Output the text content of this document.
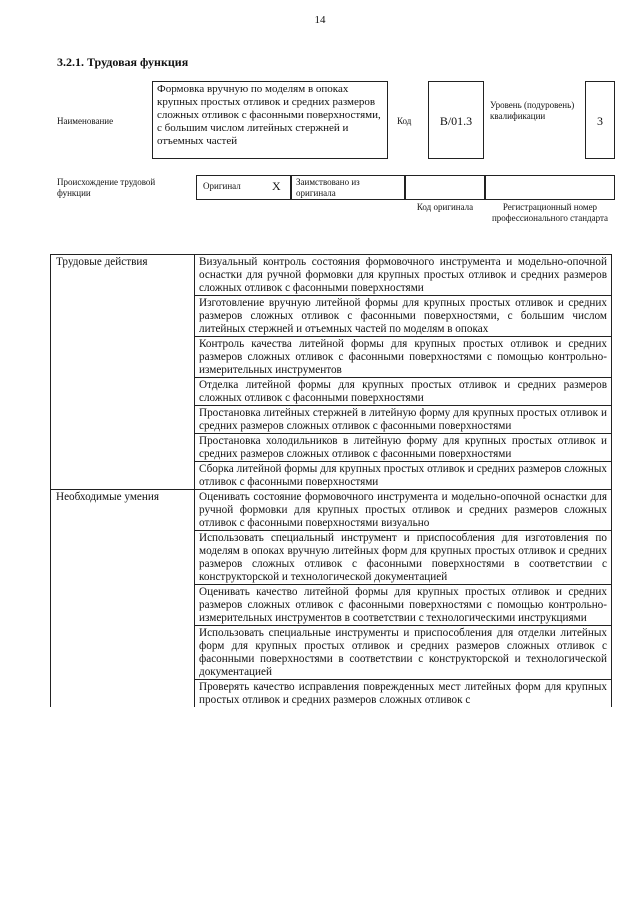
14
3.2.1. Трудовая функция
Наименование
Формовка вручную по моделям в опоках крупных простых отливок и средних размеров сложных отливок с фасонными поверхностями, с большим числом литейных стержней и отъемных частей
Код	B/01.3
Уровень (подуровень) квалификации	3
Происхождение трудовой функции
Оригинал	X	Заимствовано из оригинала
Код оригинала	Регистрационный номер профессионального стандарта
Трудовые действия	Визуальный контроль состояния формовочного инструмента и модельно-опочной оснастки для ручной формовки для крупных простых отливок и средних размеров сложных отливок с фасонными поверхностями
	Изготовление вручную литейной формы для крупных простых отливок и средних размеров сложных отливок с фасонными поверхностями, с большим числом литейных стержней и отъемных частей по моделям в опоках
	Контроль качества литейной формы для крупных простых отливок и средних размеров сложных отливок с фасонными поверхностями с помощью контрольно-измерительных инструментов
	Отделка литейной формы для крупных простых отливок и средних размеров сложных отливок с фасонными поверхностями
	Простановка литейных стержней в литейную форму для крупных простых отливок и средних размеров сложных отливок с фасонными поверхностями
	Простановка холодильников в литейную форму для крупных простых отливок и средних размеров сложных отливок с фасонными поверхностями
	Сборка литейной формы для крупных простых отливок и средних размеров сложных отливок с фасонными поверхностями
Необходимые умения	Оценивать состояние формовочного инструмента и модельно-опочной оснастки для ручной формовки для крупных простых отливок и средних размеров сложных отливок с фасонными поверхностями визуально
	Использовать специальный инструмент и приспособления для изготовления по моделям в опоках вручную литейных форм для крупных простых отливок и средних размеров сложных отливок с фасонными поверхностями в соответствии с конструкторской и технологической документацией
	Оценивать качество литейной формы для крупных простых отливок и средних размеров сложных отливок с фасонными поверхностями с помощью контрольно-измерительных инструментов в соответствии с технологическими инструкциями
	Использовать специальные инструменты и приспособления для отделки литейных форм для крупных простых отливок и средних размеров сложных отливок с фасонными поверхностями в соответствии с конструкторской и технологической документацией
	Проверять качество исправления поврежденных мест литейных форм для крупных простых отливок и средних размеров сложных отливок с
